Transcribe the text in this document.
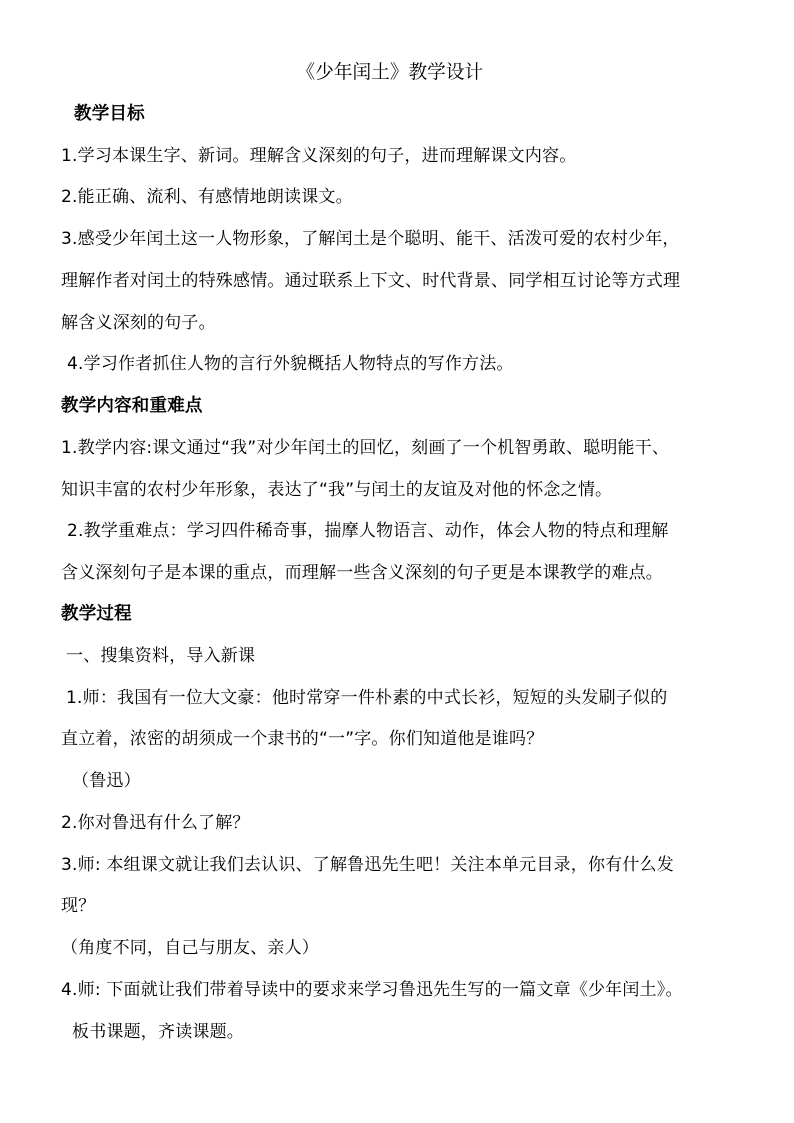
《少年闰土》教学设计
教学目标
1.学习本课生字、新词。理解含义深刻的句子，进而理解课文内容。
2.能正确、流利、有感情地朗读课文。
3.感受少年闰土这一人物形象，了解闰土是个聪明、能干、活泼可爱的农村少年，
理解作者对闰土的特殊感情。通过联系上下文、时代背景、同学相互讨论等方式理
解含义深刻的句子。
4.学习作者抓住人物的言行外貌概括人物特点的写作方法。
教学内容和重难点
1.教学内容:课文通过“我”对少年闰土的回忆，刻画了一个机智勇敢、聪明能干、
知识丰富的农村少年形象，表达了“我”与闰土的友谊及对他的怀念之情。
2.教学重难点：学习四件稀奇事，揣摩人物语言、动作，体会人物的特点和理解
含义深刻句子是本课的重点，而理解一些含义深刻的句子更是本课教学的难点。
教学过程
一、搜集资料，导入新课
1.师：我国有一位大文豪：他时常穿一件朴素的中式长衫，短短的头发刷子似的
直立着，浓密的胡须成一个隶书的“一”字。你们知道他是谁吗？
（鲁迅）
2.你对鲁迅有什么了解？
3.师: 本组课文就让我们去认识、了解鲁迅先生吧！关注本单元目录，你有什么发
现？
（角度不同，自己与朋友、亲人）
4.师: 下面就让我们带着导读中的要求来学习鲁迅先生写的一篇文章《少年闰土》。
板书课题，齐读课题。
